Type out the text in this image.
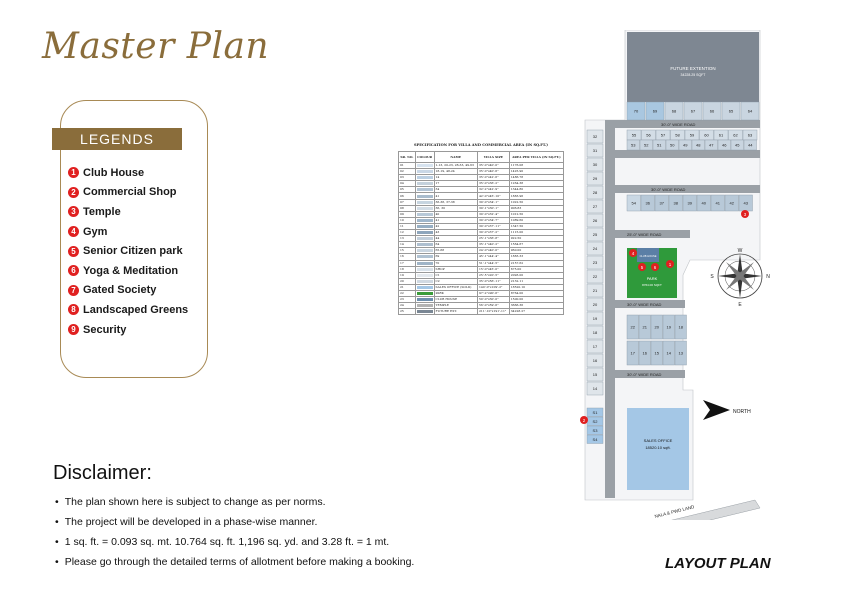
Master Plan
LEGENDS
1 Club House
2 Commercial Shop
3 Temple
4 Gym
5 Senior Citizen park
6 Yoga & Meditation
7 Gated Society
8 Landscaped Greens
9 Security
Disclaimer:
• The plan shown here is subject to change as per norms.
• The project will be developed in a phase-wise manner.
• 1 sq. ft. = 0.093 sq. mt. 10.764 sq. ft. 1,196 sq. yd. and 3.28 ft. = 1 mt.
• Please go through the detailed terms of allotment before making a booking.
SPECIFICATION FOR VILLA AND COMMERCIAL AREA (IN SQ.FT.)
SR. NO.	COLOUR	NAME	VILLA SIZE	AREA PER VILLA (IN SQ.FT.)
01		1-13, 20-23, 28-33, 49-63	35'-0"x40'-0"	1176.08
02		18-19, 48-24	35'-0"x40'-6"	1425.90
03		14	35'-0"x42'-6"	1486.78
04		17	35'-0"x36'-2"	1264.38
05		34	32'-2"x42'-9"	1344.80
06		41	42'-0"x45'-10"	1883.96
07		36-38, 37-38	30'-0"x34'-1"	1022.50
08		36, 30	30'-1"x30'-1"	906.83
09		40	30'-0"x32'-4"	1012.50
10		41	30'-0"x34'-7"	1089.60
11		42	30'-0"x37'-11"	1347.50
12		43	30'-0"x37'-2"	1115.00
13		44	25'-1"x36'-8"	922.50
14		64	35'-1"x40'-2"	1564.67
15		65-68	24'-0"x40'-0"	960.00
16		69	45'-1"x44'-4"	1883.33
17		70	51'-1"x44'-5"	2157.62
18		SHOP	15'-0"x45'-0"	675.00
19		C1	25'-5"x20'-5"	2093.00
20		C2	35'-0"x56'-11"	2132.11
21		SALES OFFICE (SOLD)	140'-0"x109'-2"	18520.10
22		PARK	97'-2"x90'-6"	8764.00
23		CLUB HOUSE	50'-0"x30'-0"	1500.00
24		TEMPLE	56'-0"x59'-6"	3666.36
25		FUTURE EXT.	211'-10"x191'-11"	34228.27
FUTURE EXTENTION
34228.25 SQFT
30'-0" WIDE ROAD
30'-0" WIDE ROAD
25'-0" WIDE ROAD
30'-0" WIDE ROAD
30'-0" WIDE ROAD
70	69	68	67	66	65	64
55	56	57	58	59	60	61	62	63
53 52 51 50 49 48 47 46 45 44
54 36 37 38 39 40 41 42 43
22 21 20 19 18
17 16 15 14 13
32
31
30
29
28
27
26
25
24
23
22
21
20
19
18
17
16
15
14
S1
S2
S3
S4
PARK
8764.00 SQFT
CLUB HOUSE
SALES OFFICE
18520.10 sqft.
NALA & PWD LAND
W
E
S	N
NORTH
3
4
5 6
1
2
LAYOUT PLAN
